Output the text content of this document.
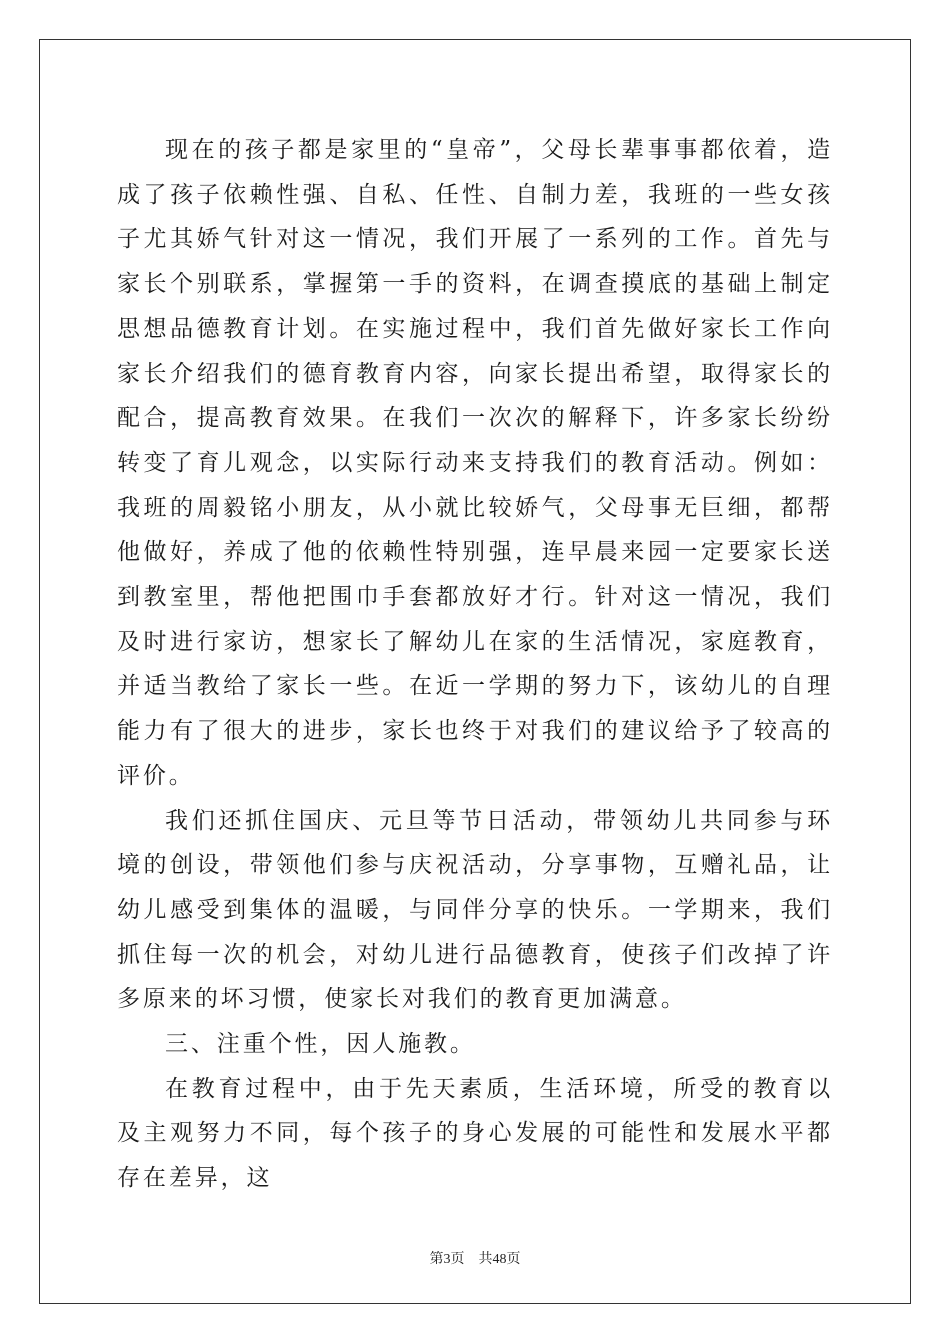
现在的孩子都是家里的“皇帝”，父母长辈事事都依着，造成了孩子依赖性强、自私、任性、自制力差，我班的一些女孩子尤其娇气针对这一情况，我们开展了一系列的工作。首先与家长个别联系，掌握第一手的资料，在调查摸底的基础上制定思想品德教育计划。在实施过程中，我们首先做好家长工作向家长介绍我们的德育教育内容，向家长提出希望，取得家长的配合，提高教育效果。在我们一次次的解释下，许多家长纷纷转变了育儿观念，以实际行动来支持我们的教育活动。例如：我班的周毅铭小朋友，从小就比较娇气，父母事无巨细，都帮他做好，养成了他的依赖性特别强，连早晨来园一定要家长送到教室里，帮他把围巾手套都放好才行。针对这一情况，我们及时进行家访，想家长了解幼儿在家的生活情况，家庭教育，并适当教给了家长一些。在近一学期的努力下，该幼儿的自理能力有了很大的进步，家长也终于对我们的建议给予了较高的评价。

我们还抓住国庆、元旦等节日活动，带领幼儿共同参与环境的创设，带领他们参与庆祝活动，分享事物，互赠礼品，让幼儿感受到集体的温暖，与同伴分享的快乐。一学期来，我们抓住每一次的机会，对幼儿进行品德教育，使孩子们改掉了许多原来的坏习惯，使家长对我们的教育更加满意。

三、注重个性，因人施教。

在教育过程中，由于先天素质，生活环境，所受的教育以及主观努力不同，每个孩子的身心发展的可能性和发展水平都存在差异，这

第3页 共48页
